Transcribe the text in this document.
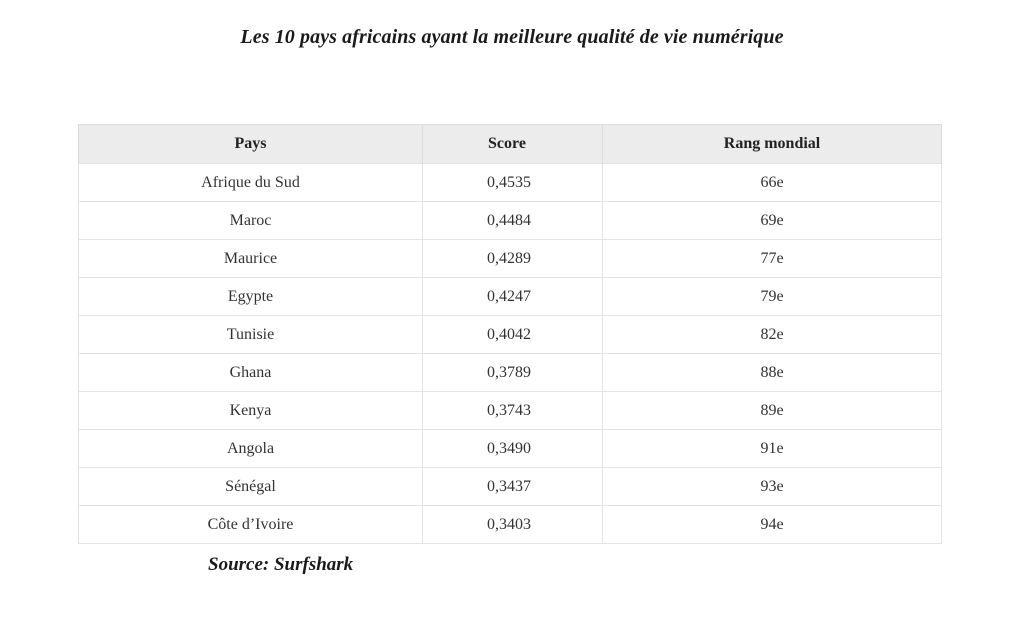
Les 10 pays africains ayant la meilleure qualité de vie numérique
Pays	Score	Rang mondial
Afrique du Sud	0,4535	66e
Maroc	0,4484	69e
Maurice	0,4289	77e
Egypte	0,4247	79e
Tunisie	0,4042	82e
Ghana	0,3789	88e
Kenya	0,3743	89e
Angola	0,3490	91e
Sénégal	0,3437	93e
Côte d’Ivoire	0,3403	94e
Source: Surfshark
